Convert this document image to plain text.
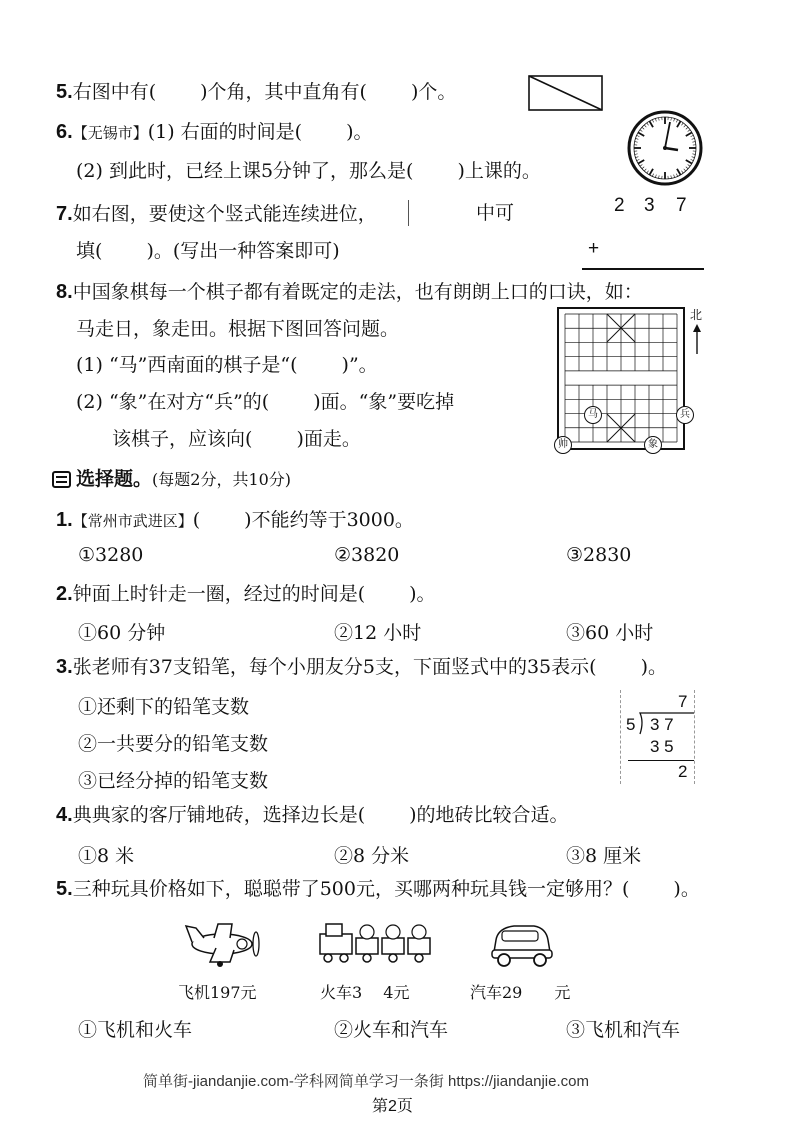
5.右图中有(　　 )个角，其中直角有(　　 )个。
6.【无锡市】(1) 右面的时间是(　　 )。
(2) 到此时，已经上课5分钟了，那么是(　　 )上课的。
7.如右图，要使这个竖式能连续进位，	中可
填(　　 )。(写出一种答案即可)
2 3 7
+
8.中国象棋每一个棋子都有着既定的走法，也有朗朗上口的口诀，如：
马走日，象走田。根据下图回答问题。
(1) “马”西南面的棋子是“(　　 )”。
(2) “象”在对方“兵”的(　　 )面。“象”要吃掉
该棋子，应该向(　　 )面走。
北
马	兵
帅	象
选择题。(每题2分，共10分)
1.【常州市武进区】(　　 )不能约等于3000。
①3280	②3820	③2830
2.钟面上时针走一圈，经过的时间是(　　 )。
①60 分钟	②12 小时	③60 小时
3.张老师有37支铅笔，每个小朋友分5支，下面竖式中的35表示(　　 )。
①还剩下的铅笔支数
②一共要分的铅笔支数
③已经分掉的铅笔支数
7
5 3 7
3 5
2
4.典典家的客厅铺地砖，选择边长是(　　 )的地砖比较合适。
①8 米	②8 分米	③8 厘米
5.三种玩具价格如下，聪聪带了500元，买哪两种玩具钱一定够用？(　　 )。
飞机197元	火车3　 4元	汽车29　　元
①飞机和火车	②火车和汽车	③飞机和汽车
简单街-jiandanjie.com-学科网简单学习一条街 https://jiandanjie.com
第2页
